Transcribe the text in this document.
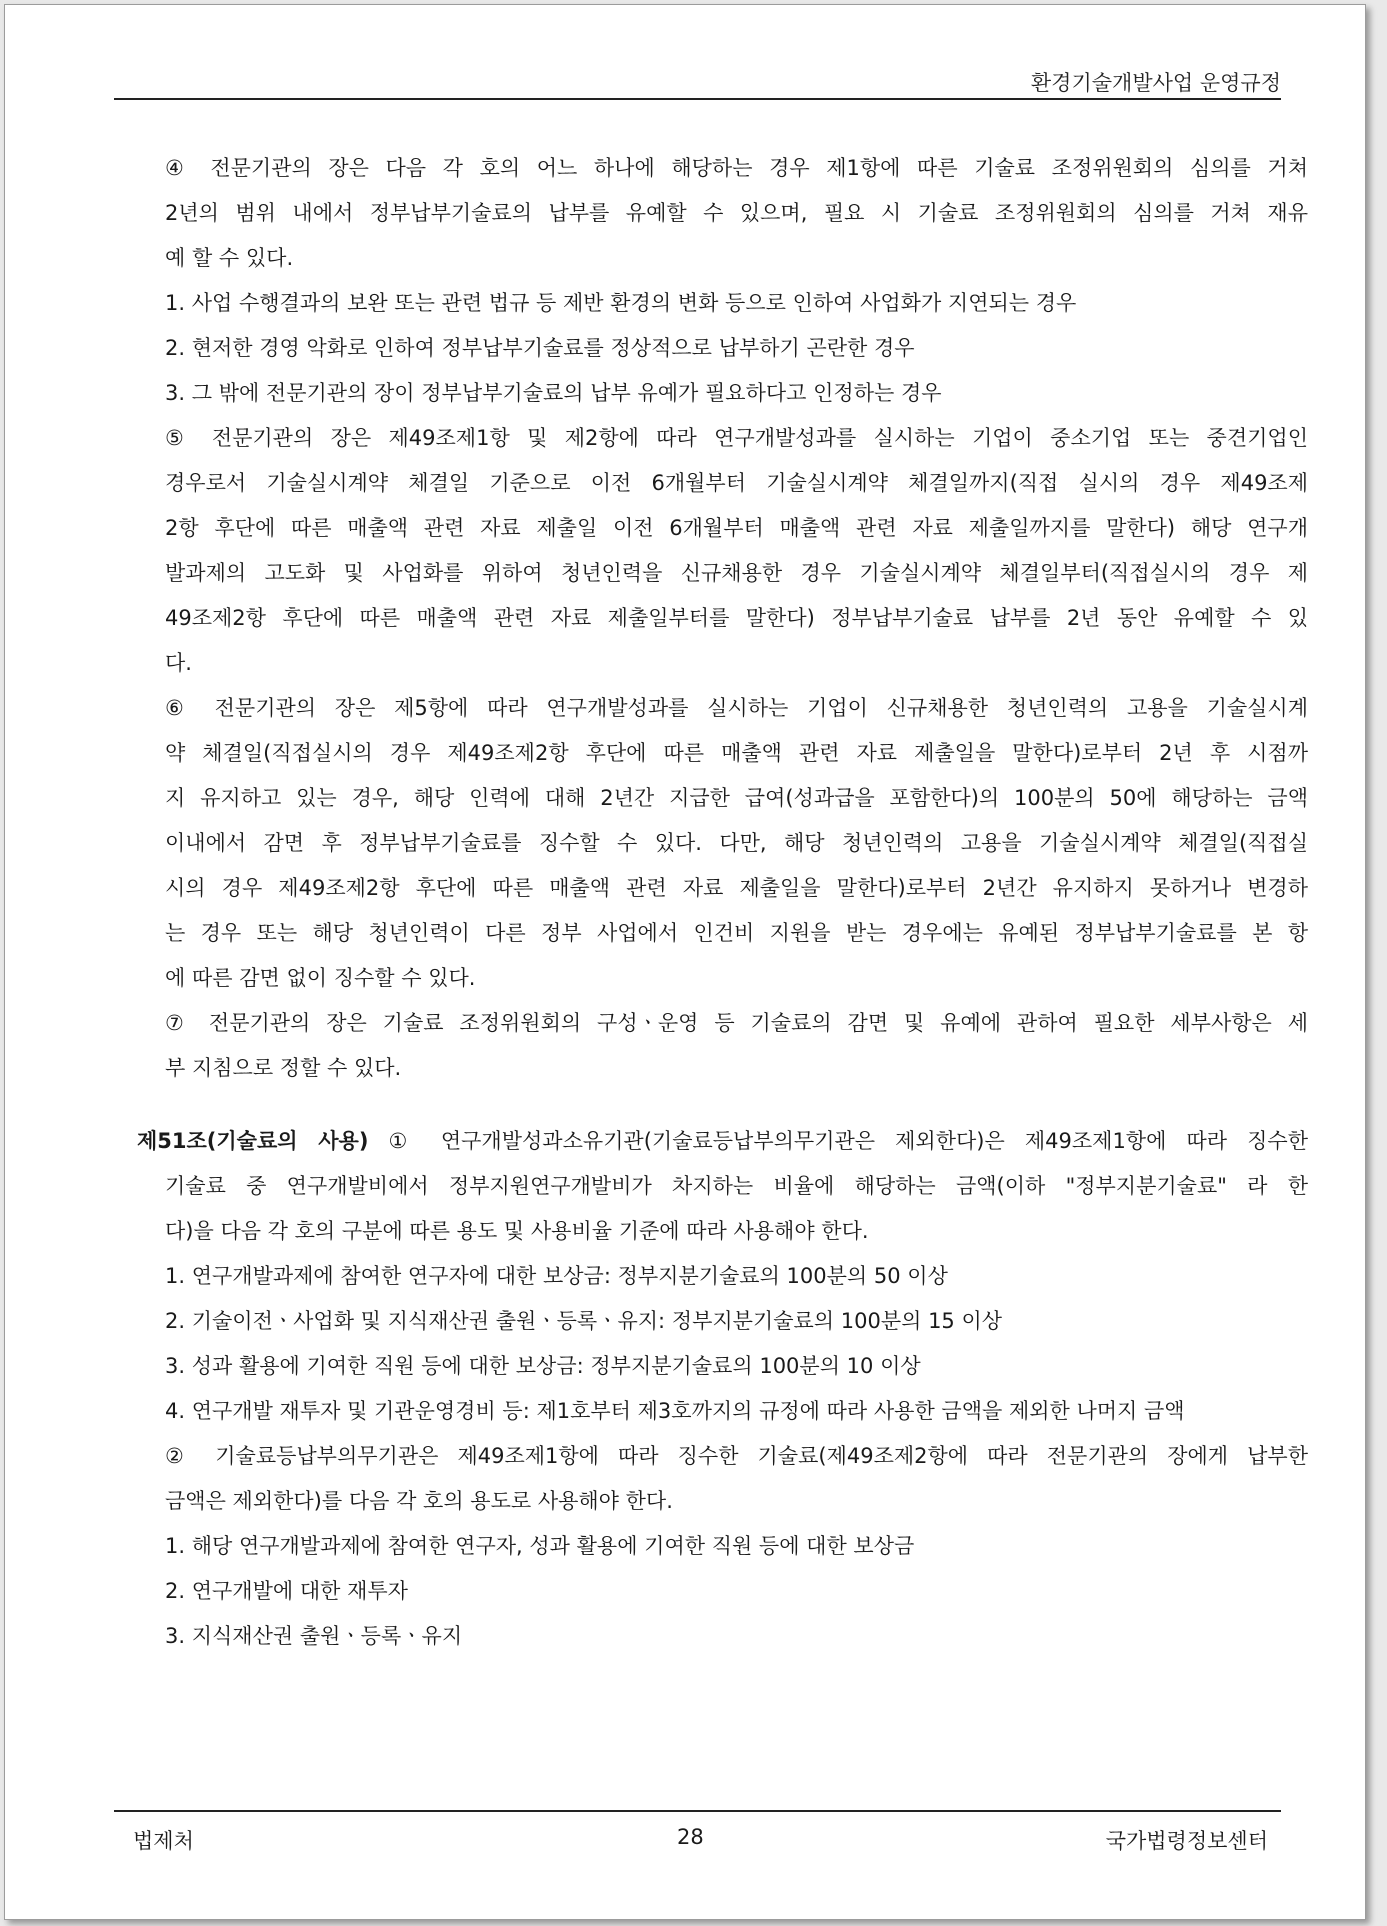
환경기술개발사업 운영규정
④ 전문기관의 장은 다음 각 호의 어느 하나에 해당하는 경우 제1항에 따른 기술료 조정위원회의 심의를 거쳐
2년의 범위 내에서 정부납부기술료의 납부를 유예할 수 있으며, 필요 시 기술료 조정위원회의 심의를 거쳐 재유
예 할 수 있다.
1. 사업 수행결과의 보완 또는 관련 법규 등 제반 환경의 변화 등으로 인하여 사업화가 지연되는 경우
2. 현저한 경영 악화로 인하여 정부납부기술료를 정상적으로 납부하기 곤란한 경우
3. 그 밖에 전문기관의 장이 정부납부기술료의 납부 유예가 필요하다고 인정하는 경우
⑤ 전문기관의 장은 제49조제1항 및 제2항에 따라 연구개발성과를 실시하는 기업이 중소기업 또는 중견기업인
경우로서 기술실시계약 체결일 기준으로 이전 6개월부터 기술실시계약 체결일까지(직접 실시의 경우 제49조제
2항 후단에 따른 매출액 관련 자료 제출일 이전 6개월부터 매출액 관련 자료 제출일까지를 말한다) 해당 연구개
발과제의 고도화 및 사업화를 위하여 청년인력을 신규채용한 경우 기술실시계약 체결일부터(직접실시의 경우 제
49조제2항 후단에 따른 매출액 관련 자료 제출일부터를 말한다) 정부납부기술료 납부를 2년 동안 유예할 수 있
다.
⑥ 전문기관의 장은 제5항에 따라 연구개발성과를 실시하는 기업이 신규채용한 청년인력의 고용을 기술실시계
약 체결일(직접실시의 경우 제49조제2항 후단에 따른 매출액 관련 자료 제출일을 말한다)로부터 2년 후 시점까
지 유지하고 있는 경우, 해당 인력에 대해 2년간 지급한 급여(성과급을 포함한다)의 100분의 50에 해당하는 금액
이내에서 감면 후 정부납부기술료를 징수할 수 있다. 다만, 해당 청년인력의 고용을 기술실시계약 체결일(직접실
시의 경우 제49조제2항 후단에 따른 매출액 관련 자료 제출일을 말한다)로부터 2년간 유지하지 못하거나 변경하
는 경우 또는 해당 청년인력이 다른 정부 사업에서 인건비 지원을 받는 경우에는 유예된 정부납부기술료를 본 항
에 따른 감면 없이 징수할 수 있다.
⑦ 전문기관의 장은 기술료 조정위원회의 구성ㆍ운영 등 기술료의 감면 및 유예에 관하여 필요한 세부사항은 세
부 지침으로 정할 수 있다.
제51조(기술료의 사용) ① 연구개발성과소유기관(기술료등납부의무기관은 제외한다)은 제49조제1항에 따라 징수한
기술료 중 연구개발비에서 정부지원연구개발비가 차지하는 비율에 해당하는 금액(이하 "정부지분기술료" 라 한
다)을 다음 각 호의 구분에 따른 용도 및 사용비율 기준에 따라 사용해야 한다.
1. 연구개발과제에 참여한 연구자에 대한 보상금: 정부지분기술료의 100분의 50 이상
2. 기술이전ㆍ사업화 및 지식재산권 출원ㆍ등록ㆍ유지: 정부지분기술료의 100분의 15 이상
3. 성과 활용에 기여한 직원 등에 대한 보상금: 정부지분기술료의 100분의 10 이상
4. 연구개발 재투자 및 기관운영경비 등: 제1호부터 제3호까지의 규정에 따라 사용한 금액을 제외한 나머지 금액
② 기술료등납부의무기관은 제49조제1항에 따라 징수한 기술료(제49조제2항에 따라 전문기관의 장에게 납부한
금액은 제외한다)를 다음 각 호의 용도로 사용해야 한다.
1. 해당 연구개발과제에 참여한 연구자, 성과 활용에 기여한 직원 등에 대한 보상금
2. 연구개발에 대한 재투자
3. 지식재산권 출원ㆍ등록ㆍ유지
법제처	28	국가법령정보센터
